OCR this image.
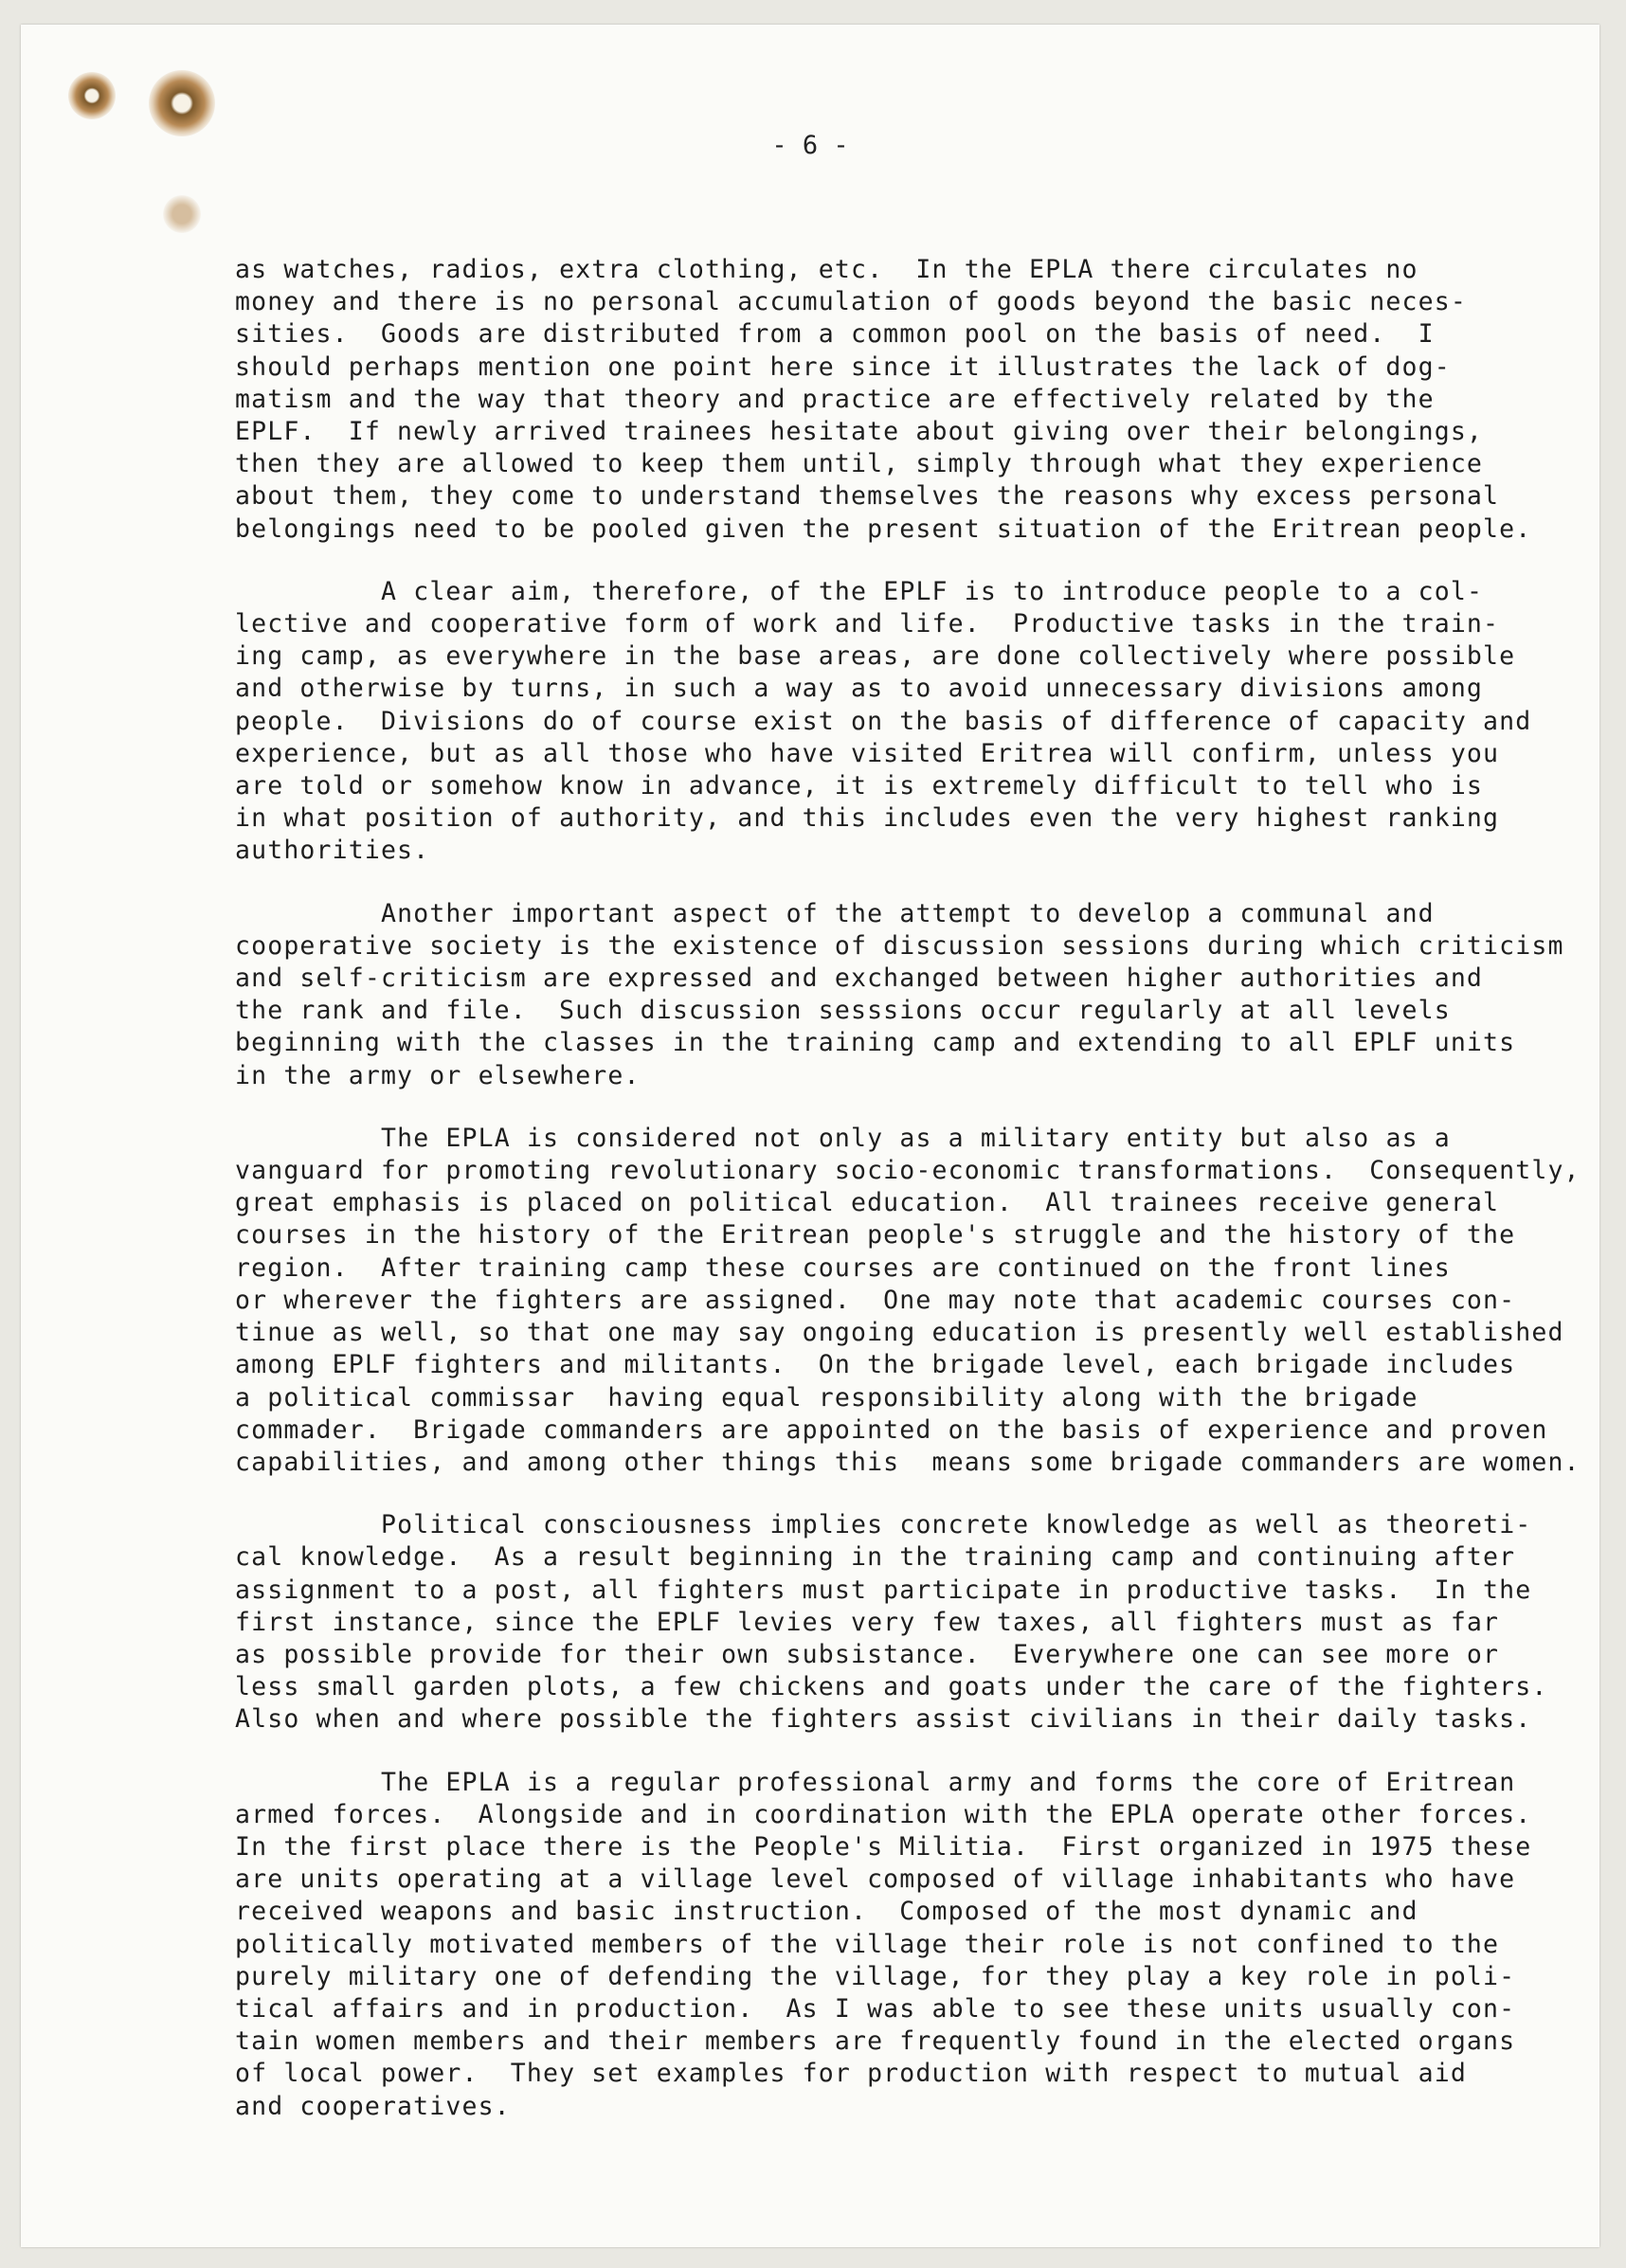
- 6 -

as watches, radios, extra clothing, etc.  In the EPLA there circulates no
money and there is no personal accumulation of goods beyond the basic neces-
sities.  Goods are distributed from a common pool on the basis of need.  I
should perhaps mention one point here since it illustrates the lack of dog-
matism and the way that theory and practice are effectively related by the
EPLF.  If newly arrived trainees hesitate about giving over their belongings,
then they are allowed to keep them until, simply through what they experience
about them, they come to understand themselves the reasons why excess personal
belongings need to be pooled given the present situation of the Eritrean people.
A clear aim, therefore, of the EPLF is to introduce people to a col-
lective and cooperative form of work and life.  Productive tasks in the train-
ing camp, as everywhere in the base areas, are done collectively where possible
and otherwise by turns, in such a way as to avoid unnecessary divisions among
people.  Divisions do of course exist on the basis of difference of capacity and
experience, but as all those who have visited Eritrea will confirm, unless you
are told or somehow know in advance, it is extremely difficult to tell who is
in what position of authority, and this includes even the very highest ranking
authorities.
Another important aspect of the attempt to develop a communal and
cooperative society is the existence of discussion sessions during which criticism
and self-criticism are expressed and exchanged between higher authorities and
the rank and file.  Such discussion sesssions occur regularly at all levels
beginning with the classes in the training camp and extending to all EPLF units
in the army or elsewhere.
The EPLA is considered not only as a military entity but also as a
vanguard for promoting revolutionary socio-economic transformations.  Consequently,
great emphasis is placed on political education.  All trainees receive general
courses in the history of the Eritrean people's struggle and the history of the
region.  After training camp these courses are continued on the front lines
or wherever the fighters are assigned.  One may note that academic courses con-
tinue as well, so that one may say ongoing education is presently well established
among EPLF fighters and militants.  On the brigade level, each brigade includes
a political commissar  having equal responsibility along with the brigade
commader.  Brigade commanders are appointed on the basis of experience and proven
capabilities, and among other things this  means some brigade commanders are women.
Political consciousness implies concrete knowledge as well as theoreti-
cal knowledge.  As a result beginning in the training camp and continuing after
assignment to a post, all fighters must participate in productive tasks.  In the
first instance, since the EPLF levies very few taxes, all fighters must as far
as possible provide for their own subsistance.  Everywhere one can see more or
less small garden plots, a few chickens and goats under the care of the fighters.
Also when and where possible the fighters assist civilians in their daily tasks.
The EPLA is a regular professional army and forms the core of Eritrean
armed forces.  Alongside and in coordination with the EPLA operate other forces.
In the first place there is the People's Militia.  First organized in 1975 these
are units operating at a village level composed of village inhabitants who have
received weapons and basic instruction.  Composed of the most dynamic and
politically motivated members of the village their role is not confined to the
purely military one of defending the village, for they play a key role in poli-
tical affairs and in production.  As I was able to see these units usually con-
tain women members and their members are frequently found in the elected organs
of local power.  They set examples for production with respect to mutual aid
and cooperatives.
